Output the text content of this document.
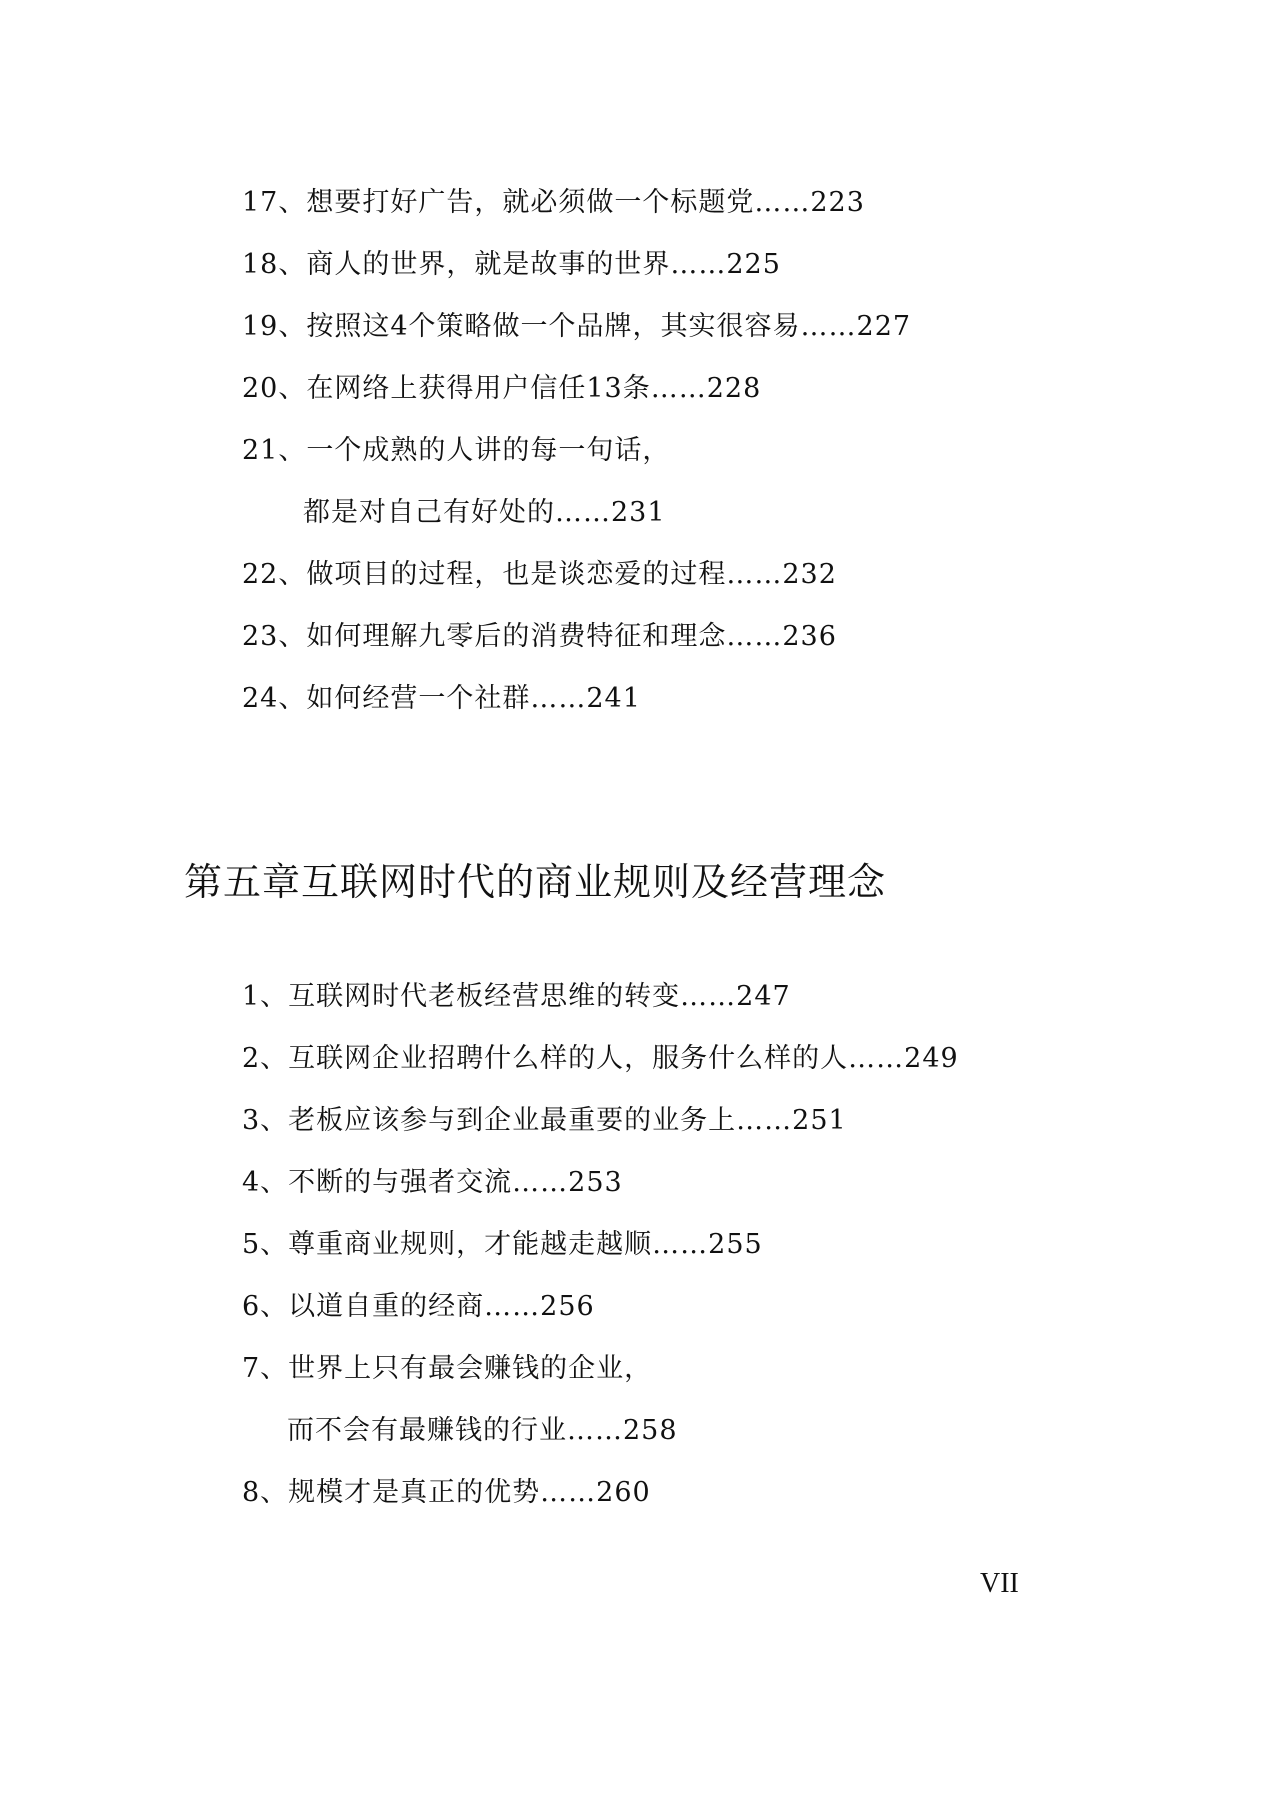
17、想要打好广告，就必须做一个标题党……223
18、商人的世界，就是故事的世界……225
19、按照这4个策略做一个品牌，其实很容易……227
20、在网络上获得用户信任13条……228
21、一个成熟的人讲的每一句话，
都是对自己有好处的……231
22、做项目的过程，也是谈恋爱的过程……232
23、如何理解九零后的消费特征和理念……236
24、如何经营一个社群……241
第五章互联网时代的商业规则及经营理念
1、互联网时代老板经营思维的转变……247
2、互联网企业招聘什么样的人，服务什么样的人……249
3、老板应该参与到企业最重要的业务上……251
4、不断的与强者交流……253
5、尊重商业规则，才能越走越顺……255
6、以道自重的经商……256
7、世界上只有最会赚钱的企业，
而不会有最赚钱的行业……258
8、规模才是真正的优势……260
VII
